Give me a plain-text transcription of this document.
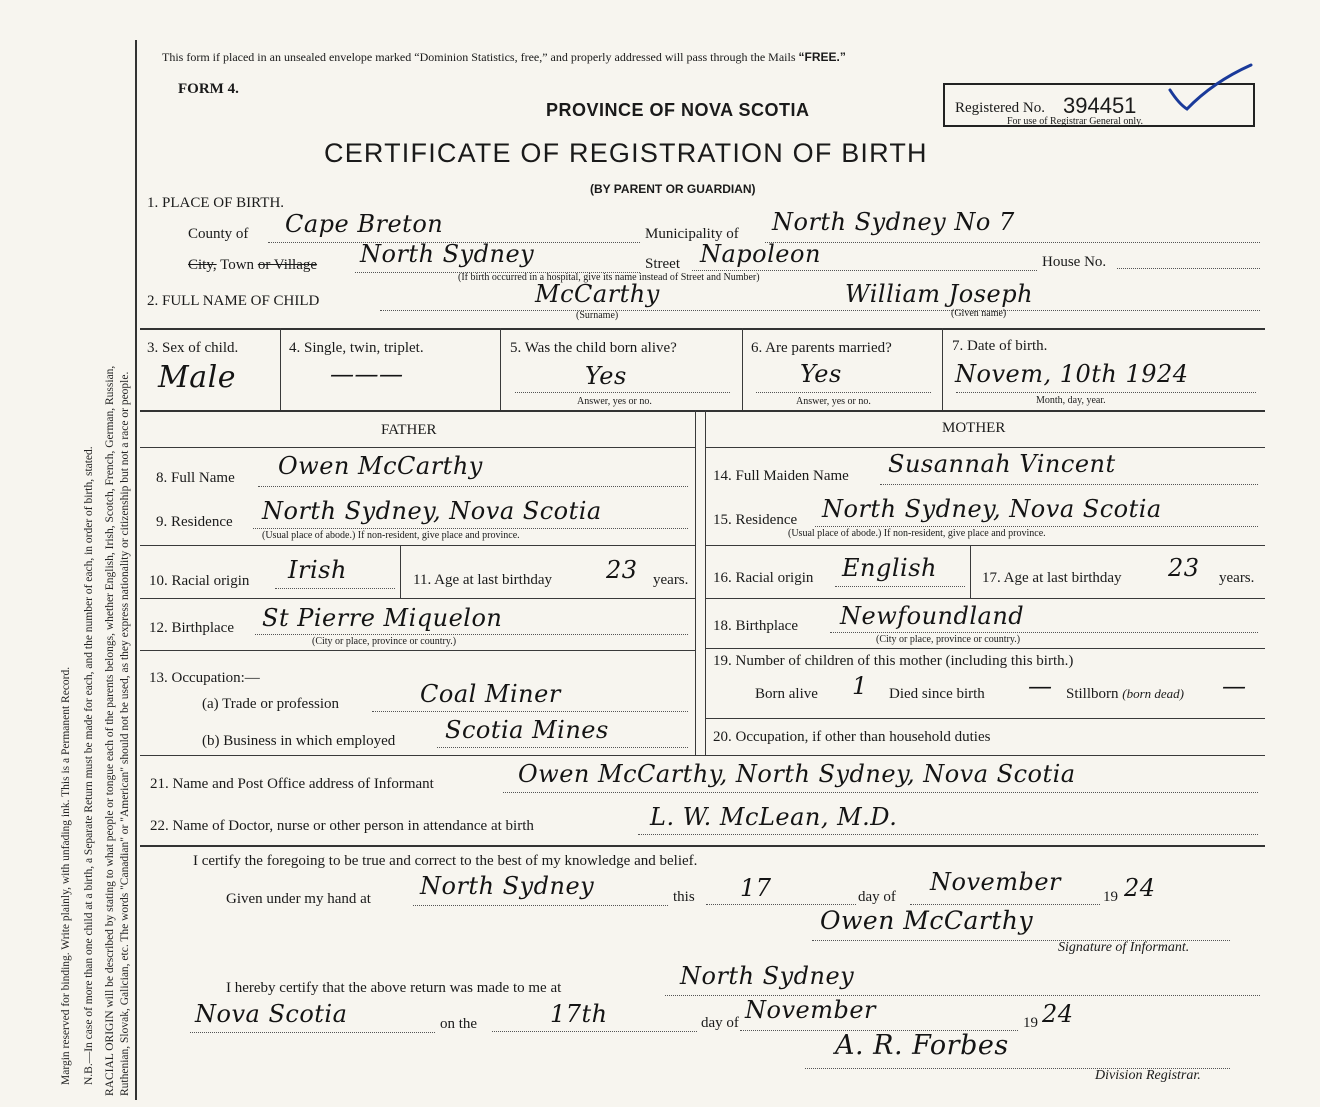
Margin reserved for binding. Write plainly, with unfading ink. This is a Permanent Record. N.B.—In case of more than one child at a birth, a Separate Return must be made for each, and the number of each, in order of birth, stated. RACIAL ORIGIN will be described by stating to what people or tongue each of the parents belongs, whether English, Irish, Scotch, French, German, Russian, Ruthenian, Slovak, Galician, etc. The words "Canadian" or "American" should not be used, as they express nationality or citizenship but not a race or people.
This form if placed in an unsealed envelope marked “Dominion Statistics, free,” and properly addressed will pass through the Mails “FREE.”
FORM 4.
PROVINCE OF NOVA SCOTIA
CERTIFICATE OF REGISTRATION OF BIRTH
(BY PARENT OR GUARDIAN)
Registered No. 394451
For use of Registrar General only.
1. PLACE OF BIRTH.
County of Cape Breton	Municipality of North Sydney No 7
City, Town or Village North Sydney
(If birth occurred in a hospital, give its name instead of Street and Number)
Street Napoleon	House No.
2. FULL NAME OF CHILD	McCarthy
(Surname)
William Joseph
(Given name)
3. Sex of child.
Male
4. Single, twin, triplet.
———
5. Was the child born alive?
Yes
Answer, yes or no.
6. Are parents married?
Yes
Answer, yes or no.
7. Date of birth.
Novem, 10th 1924
Month, day, year.
FATHER	MOTHER
8. Full Name Owen McCarthy
9. Residence North Sydney, Nova Scotia
(Usual place of abode.) If non-resident, give place and province.
10. Racial origin Irish	11. Age at last birthday 23 years.
12. Birthplace St Pierre Miquelon
(City or place, province or country.)
13. Occupation:—
(a) Trade or profession	Coal Miner
(b) Business in which employed Scotia Mines
14. Full Maiden Name Susannah Vincent
15. Residence North Sydney, Nova Scotia
(Usual place of abode.) If non-resident, give place and province.
16. Racial origin English	17. Age at last birthday 23 years.
18. Birthplace Newfoundland
(City or place, province or country.)
19. Number of children of this mother (including this birth.)
Born alive 1 Died since birth — Stillborn (born dead) —
20. Occupation, if other than household duties
21. Name and Post Office address of Informant	Owen McCarthy, North Sydney, Nova Scotia
22. Name of Doctor, nurse or other person in attendance at birth	L. W. McLean, M.D.
I certify the foregoing to be true and correct to the best of my knowledge and belief.
Given under my hand at North Sydney	this 17	day of
November
19 24
Owen McCarthy
Signature of Informant.
I hereby certify that the above return was made to me at	North Sydney
Nova Scotia	on the	17th	day of November	19 24
A. R. Forbes
Division Registrar.
